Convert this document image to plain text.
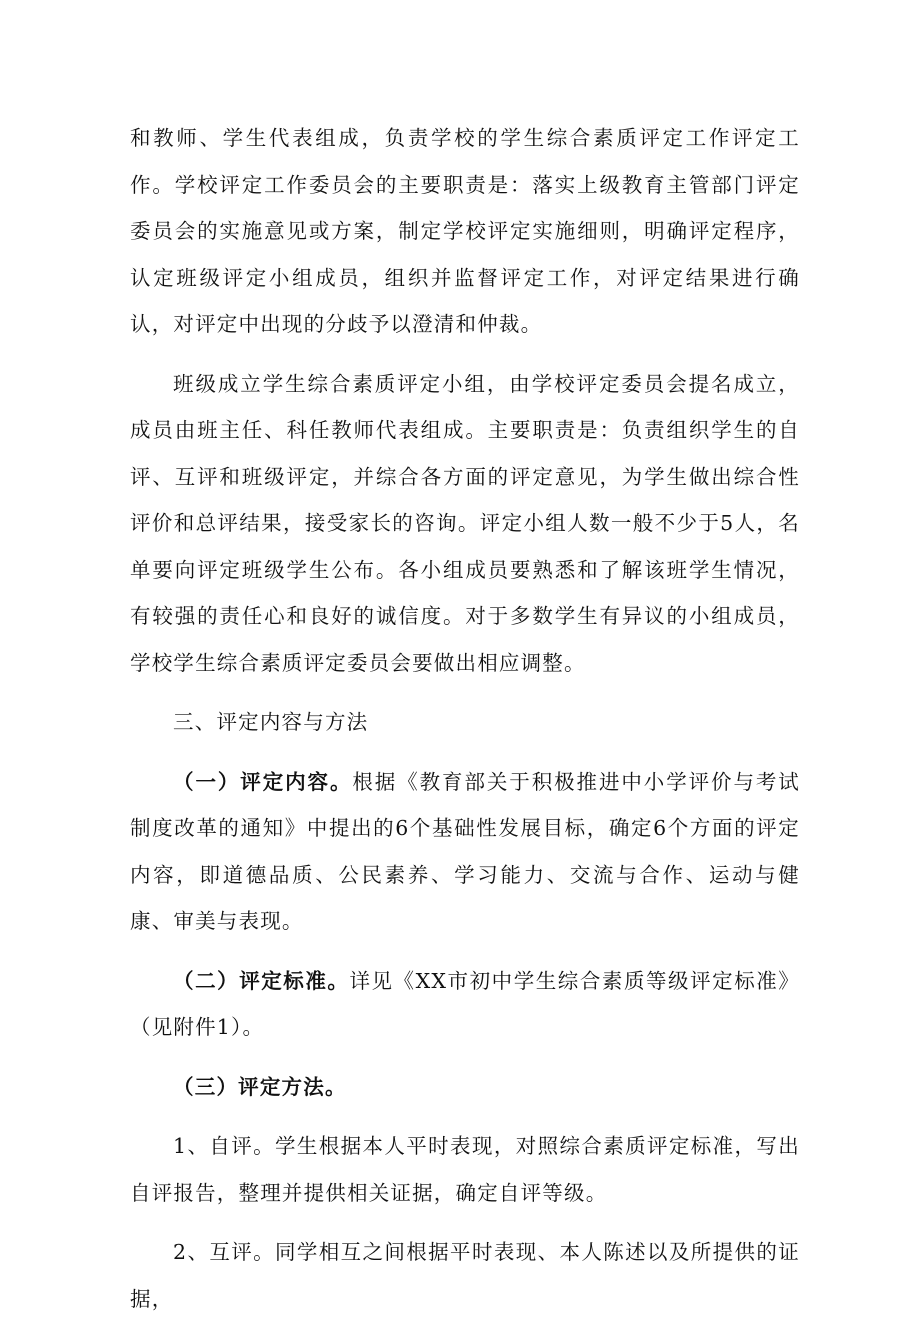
和教师、学生代表组成，负责学校的学生综合素质评定工作评定工作。学校评定工作委员会的主要职责是：落实上级教育主管部门评定委员会的实施意见或方案，制定学校评定实施细则，明确评定程序，认定班级评定小组成员，组织并监督评定工作，对评定结果进行确认，对评定中出现的分歧予以澄清和仲裁。

班级成立学生综合素质评定小组，由学校评定委员会提名成立，成员由班主任、科任教师代表组成。主要职责是：负责组织学生的自评、互评和班级评定，并综合各方面的评定意见，为学生做出综合性评价和总评结果，接受家长的咨询。评定小组人数一般不少于5人，名单要向评定班级学生公布。各小组成员要熟悉和了解该班学生情况，有较强的责任心和良好的诚信度。对于多数学生有异议的小组成员，学校学生综合素质评定委员会要做出相应调整。

三、评定内容与方法

（一）评定内容。根据《教育部关于积极推进中小学评价与考试制度改革的通知》中提出的6个基础性发展目标，确定6个方面的评定内容，即道德品质、公民素养、学习能力、交流与合作、运动与健康、审美与表现。

（二）评定标准。详见《XX市初中学生综合素质等级评定标准》（见附件1）。

（三）评定方法。

1、自评。学生根据本人平时表现，对照综合素质评定标准，写出自评报告，整理并提供相关证据，确定自评等级。

2、互评。同学相互之间根据平时表现、本人陈述以及所提供的证据，
